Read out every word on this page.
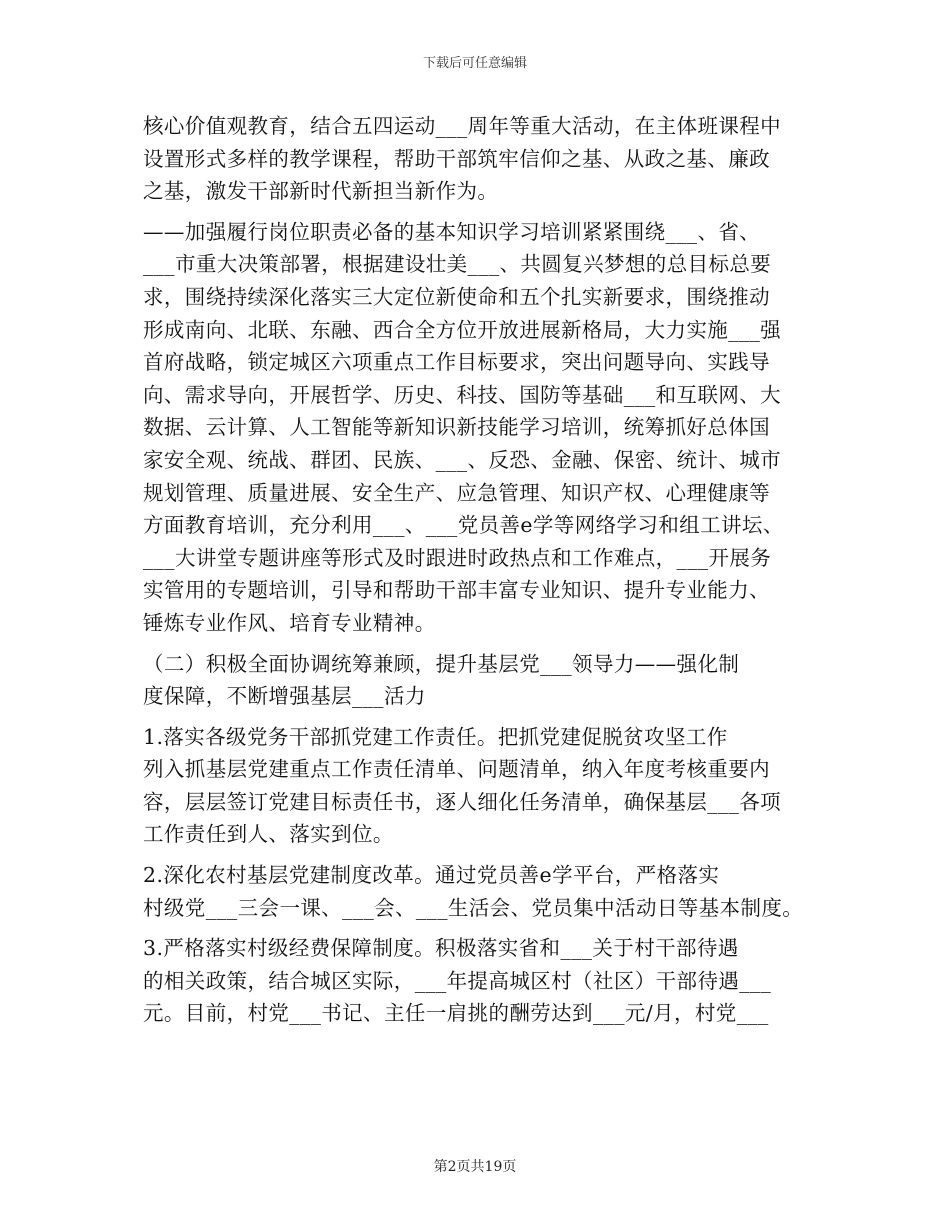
下载后可任意编辑
核心价值观教育，结合五四运动___周年等重大活动，在主体班课程中
设置形式多样的教学课程，帮助干部筑牢信仰之基、从政之基、廉政
之基，激发干部新时代新担当新作为。
——加强履行岗位职责必备的基本知识学习培训紧紧围绕___、省、
___市重大决策部署，根据建设壮美___、共圆复兴梦想的总目标总要
求，围绕持续深化落实三大定位新使命和五个扎实新要求，围绕推动
形成南向、北联、东融、西合全方位开放进展新格局，大力实施___强
首府战略，锁定城区六项重点工作目标要求，突出问题导向、实践导
向、需求导向，开展哲学、历史、科技、国防等基础___和互联网、大
数据、云计算、人工智能等新知识新技能学习培训，统筹抓好总体国
家安全观、统战、群团、民族、___、反恐、金融、保密、统计、城市
规划管理、质量进展、安全生产、应急管理、知识产权、心理健康等
方面教育培训，充分利用___、___党员善e学等网络学习和组工讲坛、
___大讲堂专题讲座等形式及时跟进时政热点和工作难点，___开展务
实管用的专题培训，引导和帮助干部丰富专业知识、提升专业能力、
锤炼专业作风、培育专业精神。
（二）积极全面协调统筹兼顾，提升基层党___领导力——强化制
度保障，不断增强基层___活力
1.落实各级党务干部抓党建工作责任。把抓党建促脱贫攻坚工作
列入抓基层党建重点工作责任清单、问题清单，纳入年度考核重要内
容，层层签订党建目标责任书，逐人细化任务清单，确保基层___各项
工作责任到人、落实到位。
2.深化农村基层党建制度改革。通过党员善e学平台，严格落实
村级党___三会一课、___会、___生活会、党员集中活动日等基本制度。
3.严格落实村级经费保障制度。积极落实省和___关于村干部待遇
的相关政策，结合城区实际，___年提高城区村（社区）干部待遇___
元。目前，村党___书记、主任一肩挑的酬劳达到___元/月，村党___
第2页共19页
